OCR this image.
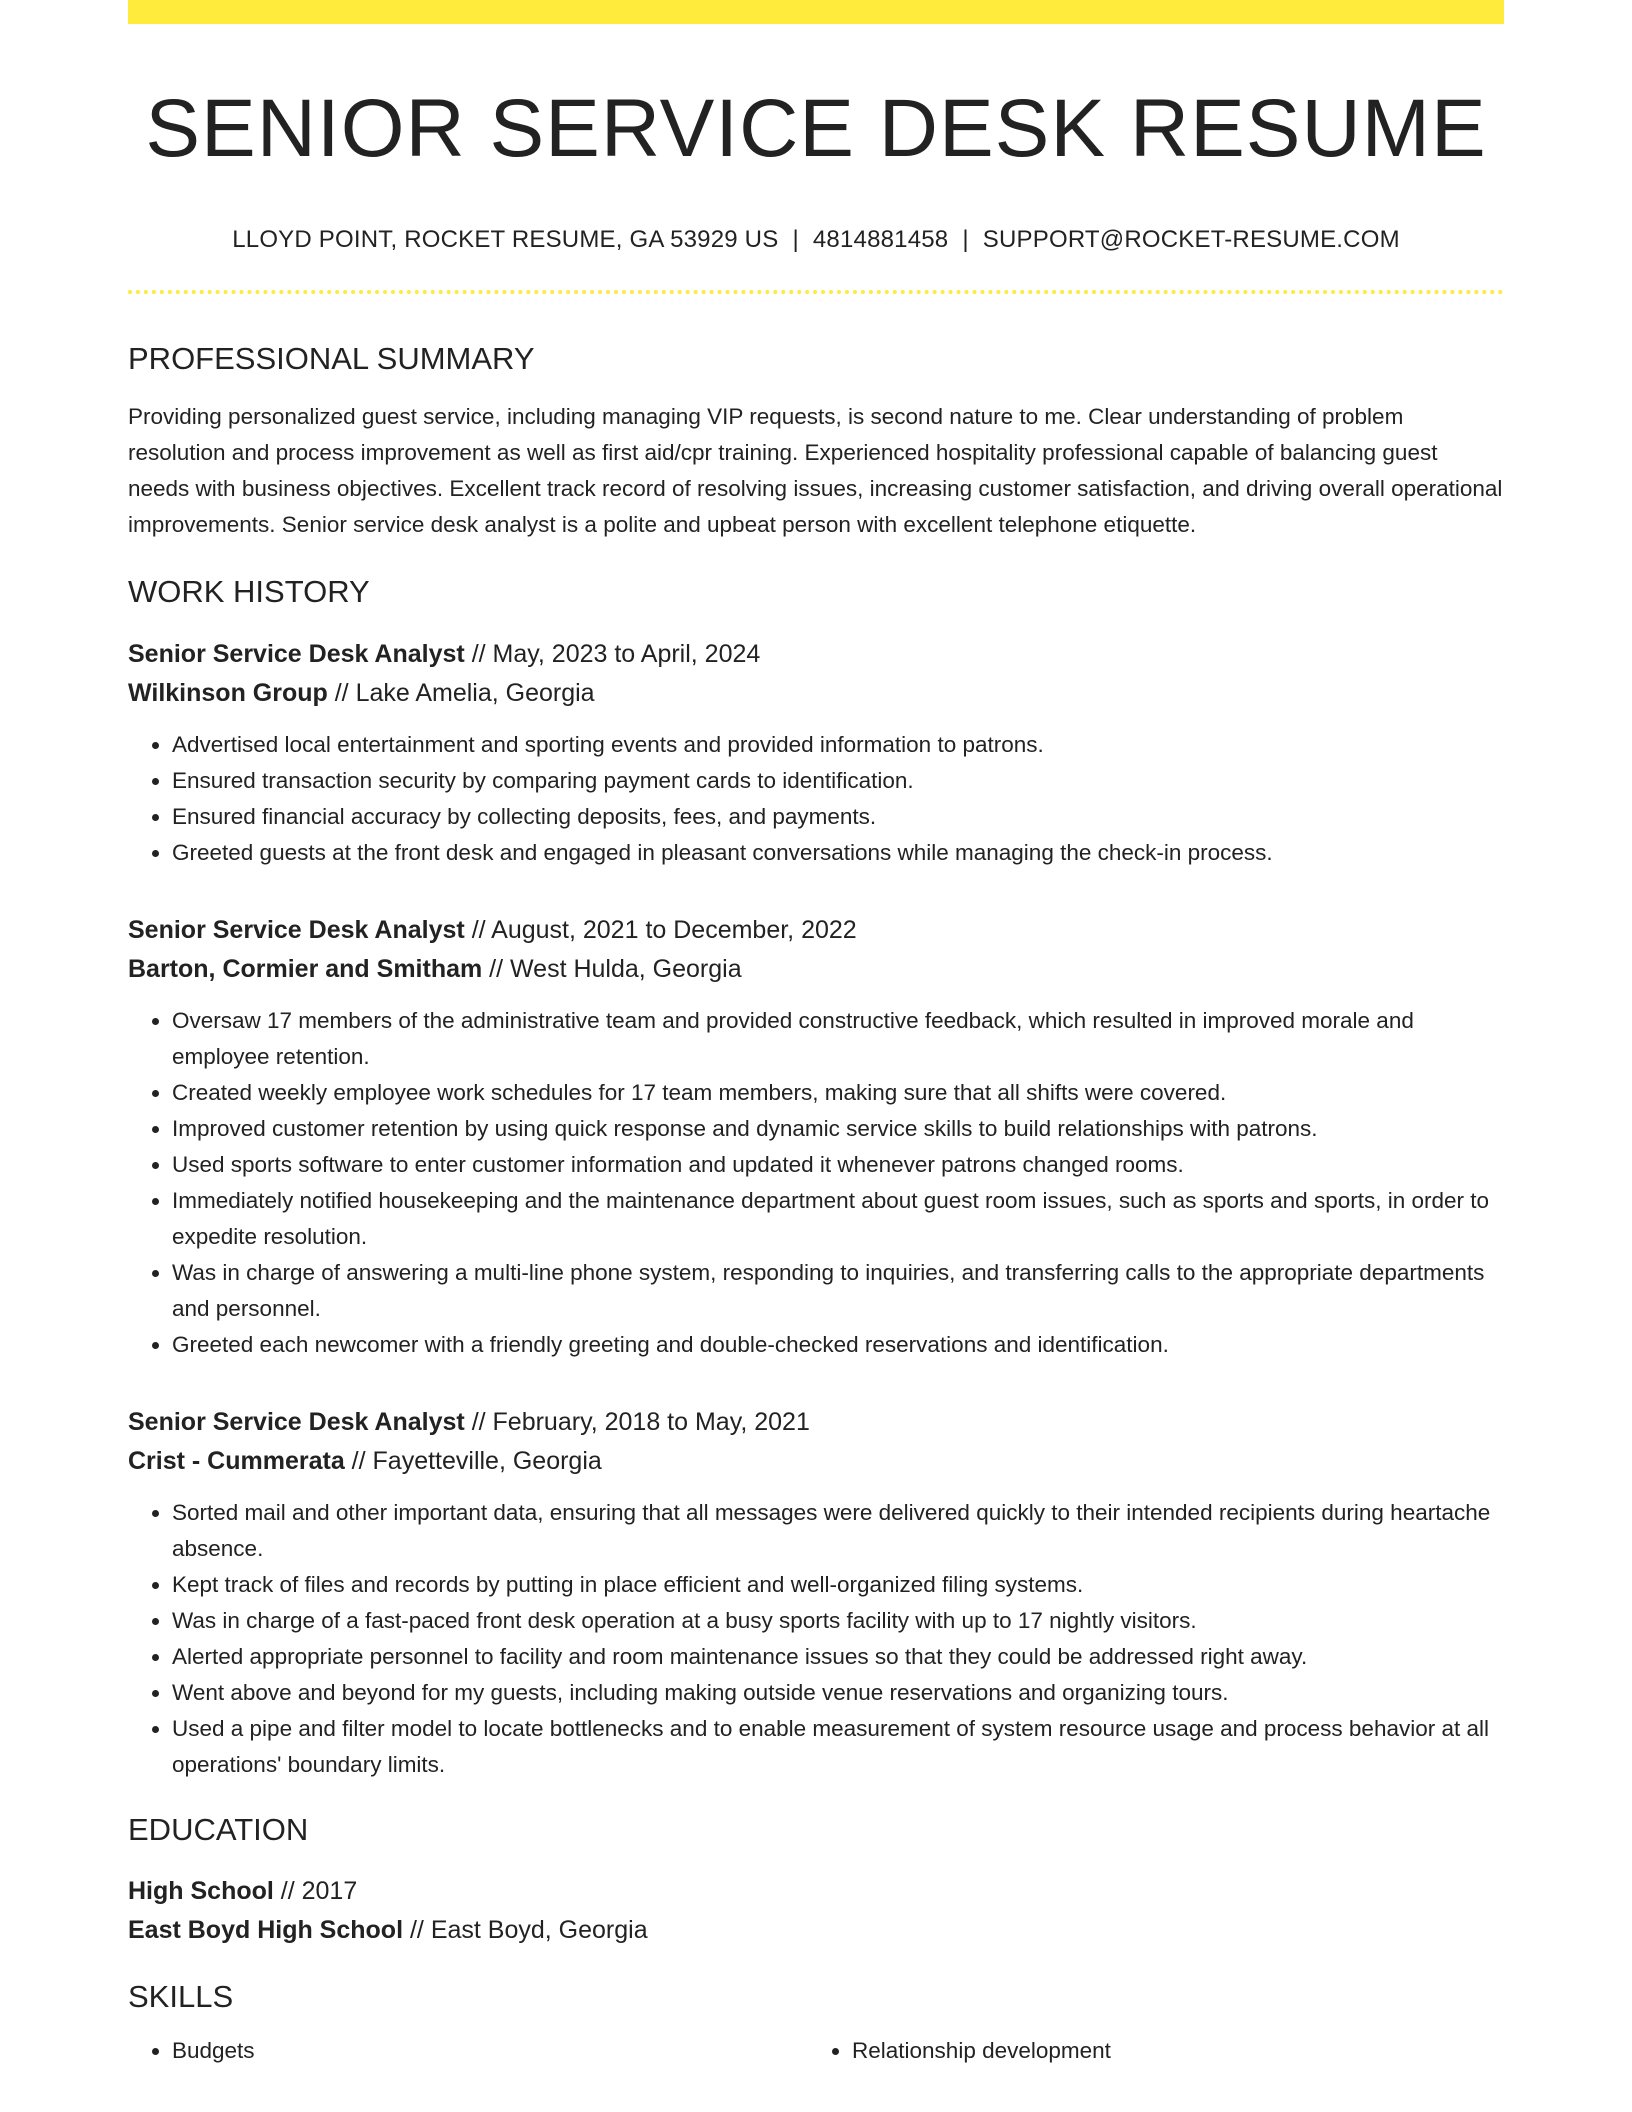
SENIOR SERVICE DESK RESUME
LLOYD POINT, ROCKET RESUME, GA 53929 US | 4814881458 | SUPPORT@ROCKET-RESUME.COM
PROFESSIONAL SUMMARY

Providing personalized guest service, including managing VIP requests, is second nature to me. Clear understanding of problem resolution and process improvement as well as first aid/cpr training. Experienced hospitality professional capable of balancing guest needs with business objectives. Excellent track record of resolving issues, increasing customer satisfaction, and driving overall operational improvements. Senior service desk analyst is a polite and upbeat person with excellent telephone etiquette.

WORK HISTORY
Senior Service Desk Analyst // May, 2023 to April, 2024
Wilkinson Group // Lake Amelia, Georgia
• Advertised local entertainment and sporting events and provided information to patrons.
• Ensured transaction security by comparing payment cards to identification.
• Ensured financial accuracy by collecting deposits, fees, and payments.
• Greeted guests at the front desk and engaged in pleasant conversations while managing the check-in process.
Senior Service Desk Analyst // August, 2021 to December, 2022
Barton, Cormier and Smitham // West Hulda, Georgia
• Oversaw 17 members of the administrative team and provided constructive feedback, which resulted in improved morale and employee retention.
• Created weekly employee work schedules for 17 team members, making sure that all shifts were covered.
• Improved customer retention by using quick response and dynamic service skills to build relationships with patrons.
• Used sports software to enter customer information and updated it whenever patrons changed rooms.
• Immediately notified housekeeping and the maintenance department about guest room issues, such as sports and sports, in order to expedite resolution.
• Was in charge of answering a multi-line phone system, responding to inquiries, and transferring calls to the appropriate departments and personnel.
• Greeted each newcomer with a friendly greeting and double-checked reservations and identification.
Senior Service Desk Analyst // February, 2018 to May, 2021
Crist - Cummerata // Fayetteville, Georgia
• Sorted mail and other important data, ensuring that all messages were delivered quickly to their intended recipients during heartache absence.
• Kept track of files and records by putting in place efficient and well-organized filing systems.
• Was in charge of a fast-paced front desk operation at a busy sports facility with up to 17 nightly visitors.
• Alerted appropriate personnel to facility and room maintenance issues so that they could be addressed right away.
• Went above and beyond for my guests, including making outside venue reservations and organizing tours.
• Used a pipe and filter model to locate bottlenecks and to enable measurement of system resource usage and process behavior at all operations' boundary limits.
EDUCATION
High School // 2017
East Boyd High School // East Boyd, Georgia
SKILLS
• Budgets
•	Relationship development
